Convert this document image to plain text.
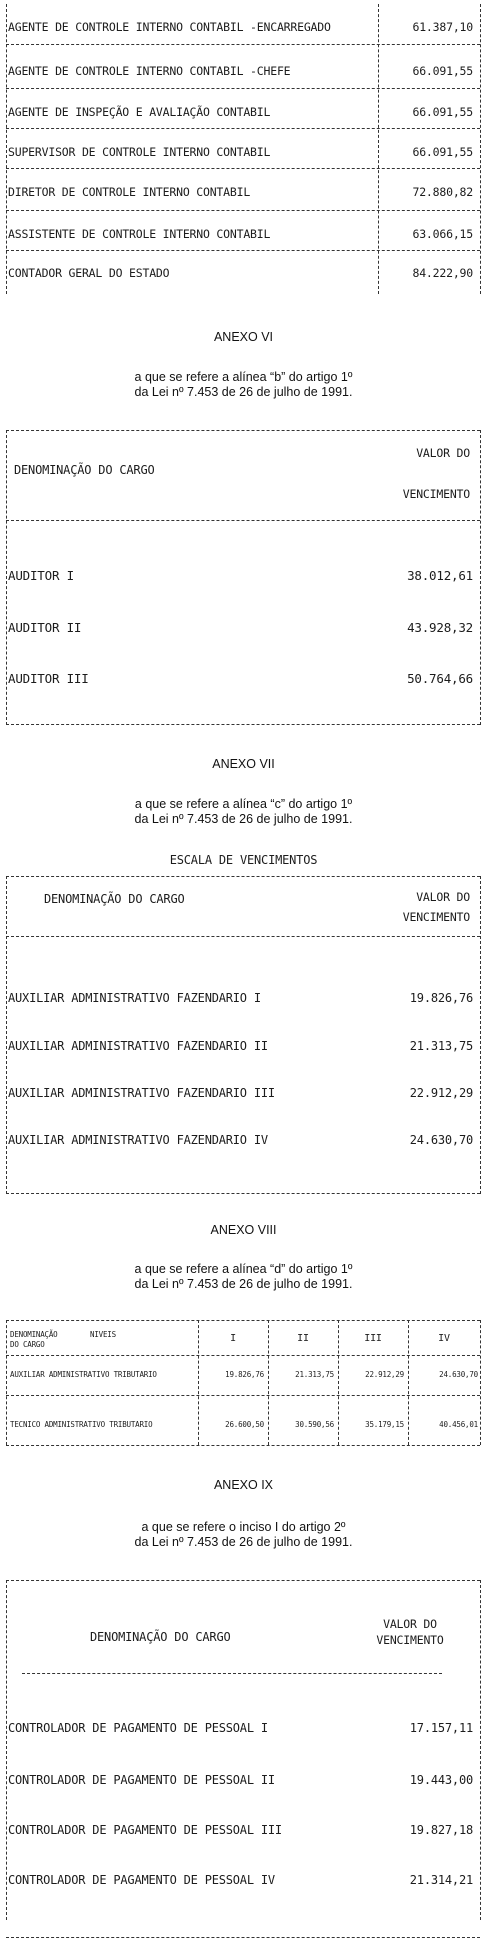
AGENTE DE CONTROLE INTERNO CONTABIL -ENCARREGADO	61.387,10
AGENTE DE CONTROLE INTERNO CONTABIL -CHEFE	66.091,55
AGENTE DE INSPEÇÃO E AVALIAÇÃO CONTABIL	66.091,55
SUPERVISOR DE CONTROLE INTERNO CONTABIL	66.091,55
DIRETOR DE CONTROLE INTERNO CONTABIL	72.880,82
ASSISTENTE DE CONTROLE INTERNO CONTABIL	63.066,15
CONTADOR GERAL DO ESTADO	84.222,90
ANEXO VI
a que se refere a alínea “b” do artigo 1º
da Lei nº 7.453 de 26 de julho de 1991.
DENOMINAÇÃO DO CARGO
VALOR DO
VENCIMENTO
AUDITOR I	38.012,61
AUDITOR II	43.928,32
AUDITOR III	50.764,66
ANEXO VII
a que se refere a alínea “c” do artigo 1º
da Lei nº 7.453 de 26 de julho de 1991.
ESCALA DE VENCIMENTOS
DENOMINAÇÃO DO CARGO	VALOR DO
VENCIMENTO
AUXILIAR ADMINISTRATIVO FAZENDARIO I	19.826,76
AUXILIAR ADMINISTRATIVO FAZENDARIO II	21.313,75
AUXILIAR ADMINISTRATIVO FAZENDARIO III	22.912,29
AUXILIAR ADMINISTRATIVO FAZENDARIO IV	24.630,70
ANEXO VIII
a que se refere a alínea “d” do artigo 1º
da Lei nº 7.453 de 26 de julho de 1991.
DENOMINAÇÃO
DO CARGO
NIVEIS	I	II	III	IV
AUXILIAR ADMINISTRATIVO TRIBUTARIO	19.826,76	21.313,75	22.912,29	24.630,70
TECNICO ADMINISTRATIVO TRIBUTARIO	26.600,50	30.590,56	35.179,15	40.456,01
ANEXO IX
a que se refere o inciso I do artigo 2º
da Lei nº 7.453 de 26 de julho de 1991.
DENOMINAÇÃO DO CARGO
VALOR DO
VENCIMENTO
CONTROLADOR DE PAGAMENTO DE PESSOAL I	17.157,11
CONTROLADOR DE PAGAMENTO DE PESSOAL II	19.443,00
CONTROLADOR DE PAGAMENTO DE PESSOAL III	19.827,18
CONTROLADOR DE PAGAMENTO DE PESSOAL IV	21.314,21
